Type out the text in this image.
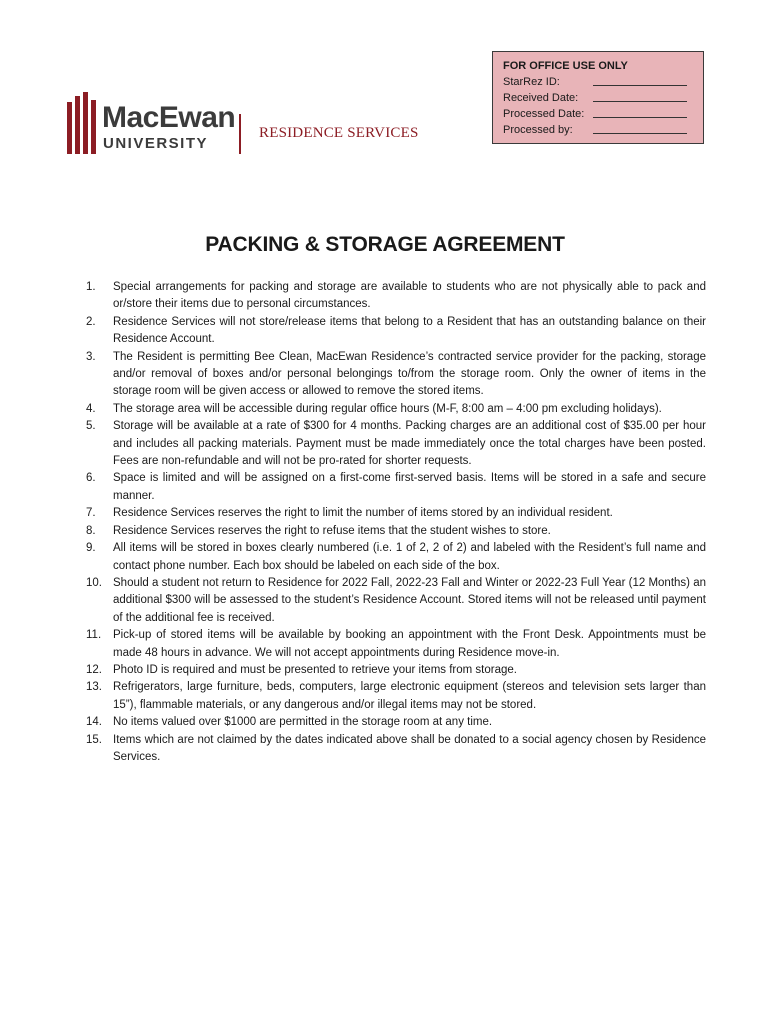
FOR OFFICE USE ONLY
StarRez ID:
Received Date:
Processed Date:
Processed by:
MacEwan
UNIVERSITY
RESIDENCE SERVICES
PACKING & STORAGE AGREEMENT
1. Special arrangements for packing and storage are available to students who are not physically able to pack and or/store their items due to personal circumstances.
2. Residence Services will not store/release items that belong to a Resident that has an outstanding balance on their Residence Account.
3. The Resident is permitting Bee Clean, MacEwan Residence’s contracted service provider for the packing, storage and/or removal of boxes and/or personal belongings to/from the storage room. Only the owner of items in the storage room will be given access or allowed to remove the stored items.
4. The storage area will be accessible during regular office hours (M-F, 8:00 am – 4:00 pm excluding holidays).
5. Storage will be available at a rate of $300 for 4 months. Packing charges are an additional cost of $35.00 per hour and includes all packing materials. Payment must be made immediately once the total charges have been posted. Fees are non-refundable and will not be pro-rated for shorter requests.
6. Space is limited and will be assigned on a first-come first-served basis. Items will be stored in a safe and secure manner.
7. Residence Services reserves the right to limit the number of items stored by an individual resident.
8. Residence Services reserves the right to refuse items that the student wishes to store.
9. All items will be stored in boxes clearly numbered (i.e. 1 of 2, 2 of 2) and labeled with the Resident’s full name and contact phone number. Each box should be labeled on each side of the box.
10. Should a student not return to Residence for 2022 Fall, 2022-23 Fall and Winter or 2022-23 Full Year (12 Months) an additional $300 will be assessed to the student’s Residence Account. Stored items will not be released until payment of the additional fee is received.
11. Pick-up of stored items will be available by booking an appointment with the Front Desk. Appointments must be made 48 hours in advance. We will not accept appointments during Residence move-in.
12. Photo ID is required and must be presented to retrieve your items from storage.
13. Refrigerators, large furniture, beds, computers, large electronic equipment (stereos and television sets larger than 15”), flammable materials, or any dangerous and/or illegal items may not be stored.
14. No items valued over $1000 are permitted in the storage room at any time.
15. Items which are not claimed by the dates indicated above shall be donated to a social agency chosen by Residence Services.
